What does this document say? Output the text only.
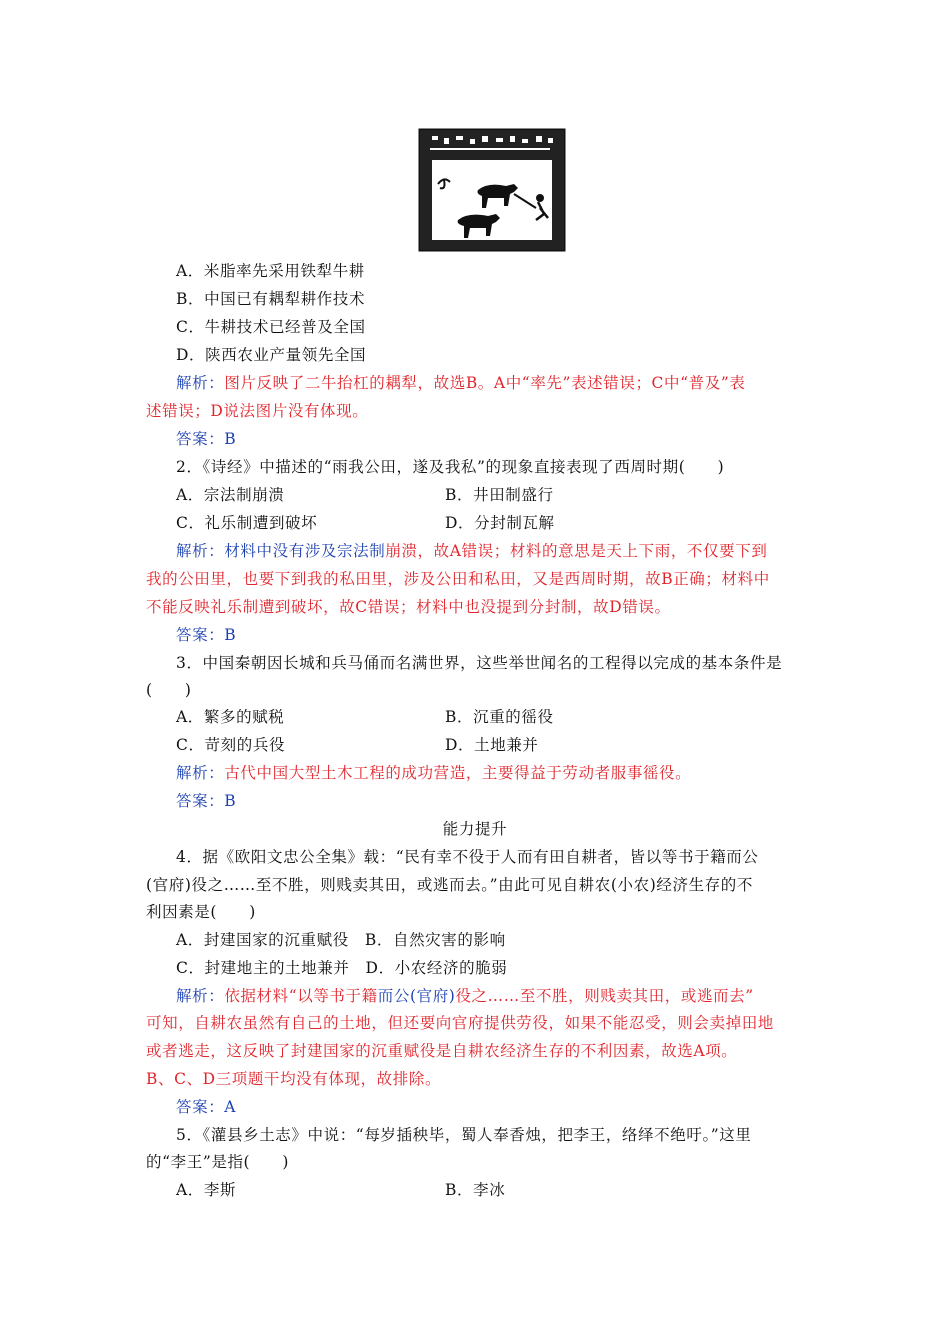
A．米脂率先采用铁犁牛耕
B．中国已有耦犁耕作技术
C．牛耕技术已经普及全国
D．陕西农业产量领先全国
解析：图片反映了二牛抬杠的耦犁，故选B。A中“率先”表述错误；C中“普及”表
述错误；D说法图片没有体现。
答案：B
2．《诗经》中描述的“雨我公田，遂及我私”的现象直接表现了西周时期(　　)
A．宗法制崩溃	B．井田制盛行
C．礼乐制遭到破坏	D．分封制瓦解
解析：材料中没有涉及宗法制崩溃，故A错误；材料的意思是天上下雨，不仅要下到
我的公田里，也要下到我的私田里，涉及公田和私田，又是西周时期，故B正确；材料中
不能反映礼乐制遭到破坏，故C错误；材料中也没提到分封制，故D错误。
答案：B
3．中国秦朝因长城和兵马俑而名满世界，这些举世闻名的工程得以完成的基本条件是
(　　)
A．繁多的赋税	B．沉重的徭役
C．苛刻的兵役	D．土地兼并
解析：古代中国大型土木工程的成功营造，主要得益于劳动者服事徭役。
答案：B
能力提升
4．据《欧阳文忠公全集》载：“民有幸不役于人而有田自耕者，皆以等书于籍而公
(官府)役之……至不胜，则贱卖其田，或逃而去。”由此可见自耕农(小农)经济生存的不
利因素是(　　)
A．封建国家的沉重赋役　B．自然灾害的影响
C．封建地主的土地兼并　D．小农经济的脆弱
解析：依据材料“以等书于籍而公(官府)役之……至不胜，则贱卖其田，或逃而去”
可知，自耕农虽然有自己的土地，但还要向官府提供劳役，如果不能忍受，则会卖掉田地
或者逃走，这反映了封建国家的沉重赋役是自耕农经济生存的不利因素，故选A项。
B、C、D三项题干均没有体现，故排除。
答案：A
5．《灌县乡土志》中说：“每岁插秧毕，蜀人奉香烛，把李王，络绎不绝吁。”这里
的“李王”是指(　　)
A．李斯	B．李冰
